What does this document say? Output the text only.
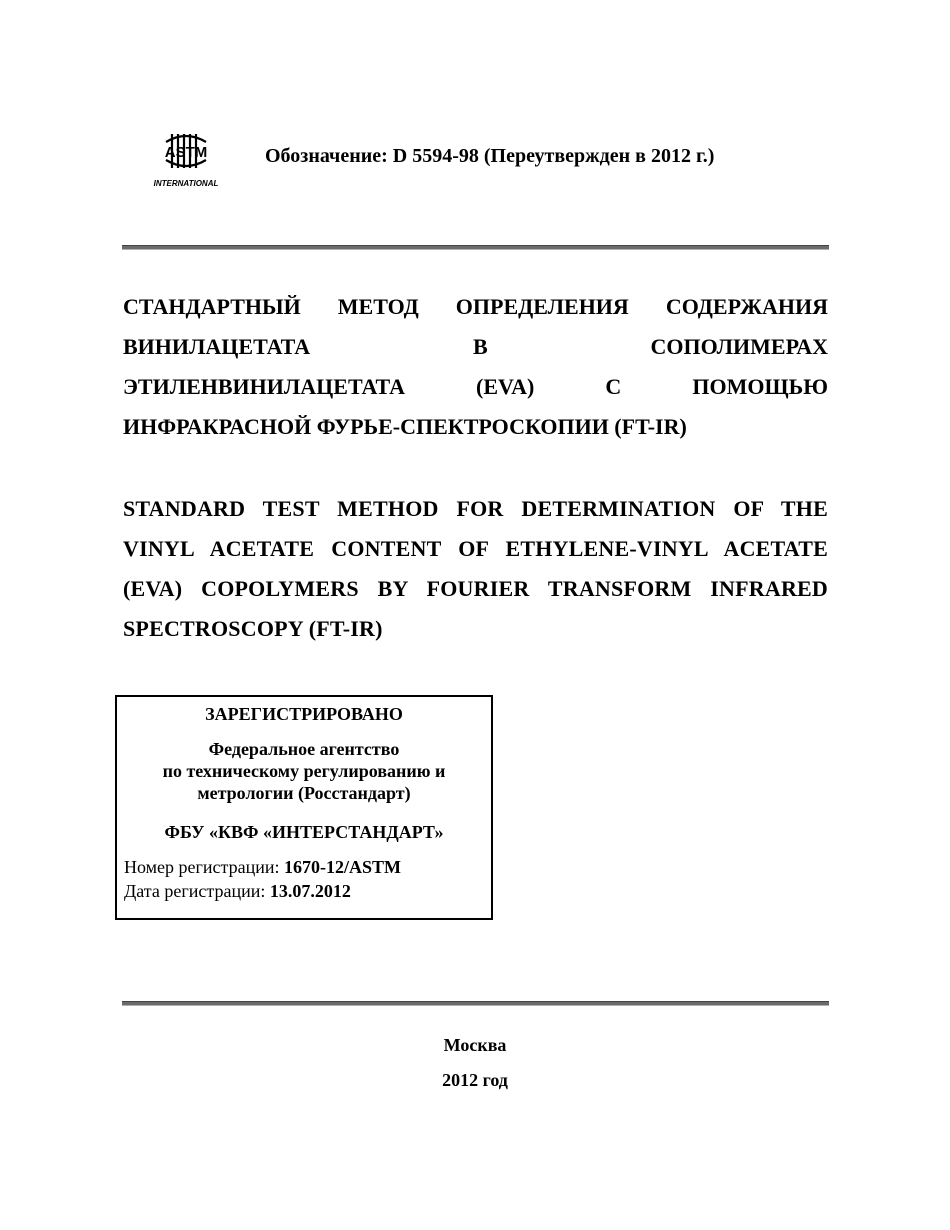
ASTM
INTERNATIONAL
Обозначение: D 5594-98 (Переутвержден в 2012 г.)
СТАНДАРТНЫЙ МЕТОД ОПРЕДЕЛЕНИЯ СОДЕРЖАНИЯ
ВИНИЛАЦЕТАТА В СОПОЛИМЕРАХ
ЭТИЛЕНВИНИЛАЦЕТАТА (EVA) С ПОМОЩЬЮ
ИНФРАКРАСНОЙ ФУРЬЕ-СПЕКТРОСКОПИИ (FT-IR)
STANDARD TEST METHOD FOR DETERMINATION OF THE
VINYL ACETATE CONTENT OF ETHYLENE-VINYL ACETATE
(EVA) COPOLYMERS BY FOURIER TRANSFORM INFRARED
SPECTROSCOPY (FT-IR)
ЗАРЕГИСТРИРОВАНО
Федеральное агентство
по техническому регулированию и
метрологии (Росстандарт)
ФБУ «КВФ «ИНТЕРСТАНДАРТ»
Номер регистрации: 1670-12/ASTM
Дата регистрации: 13.07.2012
Москва
2012 год
